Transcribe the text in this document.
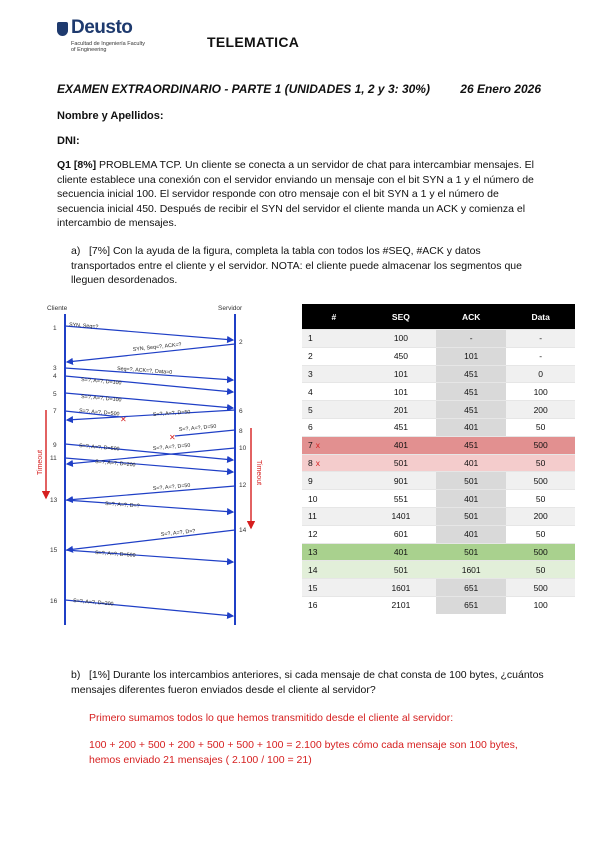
Deusto
Facultad de Ingeniería Faculty of Engineering	TELEMATICA
EXAMEN EXTRAORDINARIO - PARTE 1 (UNIDADES 1, 2 y 3: 30%)	26 Enero 2026
Nombre y Apellidos:
DNI:
Q1 [8%] PROBLEMA TCP. Un cliente se conecta a un servidor de chat para intercambiar mensajes. El cliente establece una conexión con el servidor enviando un mensaje con el bit SYN a 1 y el número de secuencia inicial 100. El servidor responde con otro mensaje con el bit SYN a 1 y el número de secuencia inicial 450. Después de recibir el SYN del servidor el cliente manda un ACK y comienza el intercambio de mensajes.
a) [7%] Con la ayuda de la figura, completa la tabla con todos los #SEQ, #ACK y datos transportados entre el cliente y el servidor. NOTA: el cliente puede almacenar los segmentos que lleguen desordenados.
Cliente	Servidor
1
3
4
5
7
9
11
13
15
16
2
6
8
10
12
14
✕
✕
SYN, Seq=?
SYN, Seq=?, ACK=?
Seq=?, ACK=?, Data=0
S=?, A=?, D=100
S=?, A=?, D=100
S=?, A=?, D=500	S=?, A=?, D=50
S=?, A=?, D=50
S=?, A=?, D=500	S=?, A=?, D=50
S=?, A=?, D=200
S=?, A=?, D=50
S=?, A=?, D=?
S=?, A=?, D=?
S=?, A=?, D=500
S=?, A=?, D=200
Timeout	Timeout
#	SEQ	ACK	Data
1	100	-	-
2	450	101	-
3	101	451	0
4	101	451	100
5	201	451	200
6	451	401	50
7 x	401	451	500
8 x	501	401	50
9	901	501	500
10	551	401	50
11	1401	501	200
12	601	401	50
13	401	501	500
14	501	1601	50
15	1601	651	500
16	2101	651	100
b) [1%] Durante los intercambios anteriores, si cada mensaje de chat consta de 100 bytes, ¿cuántos mensajes diferentes fueron enviados desde el cliente al servidor?
Primero sumamos todos lo que hemos transmitido desde el cliente al servidor:
100 + 200 + 500 + 200 + 500 + 500 + 100 = 2.100 bytes cómo cada mensaje son 100 bytes, hemos enviado 21 mensajes ( 2.100 / 100 = 21)
